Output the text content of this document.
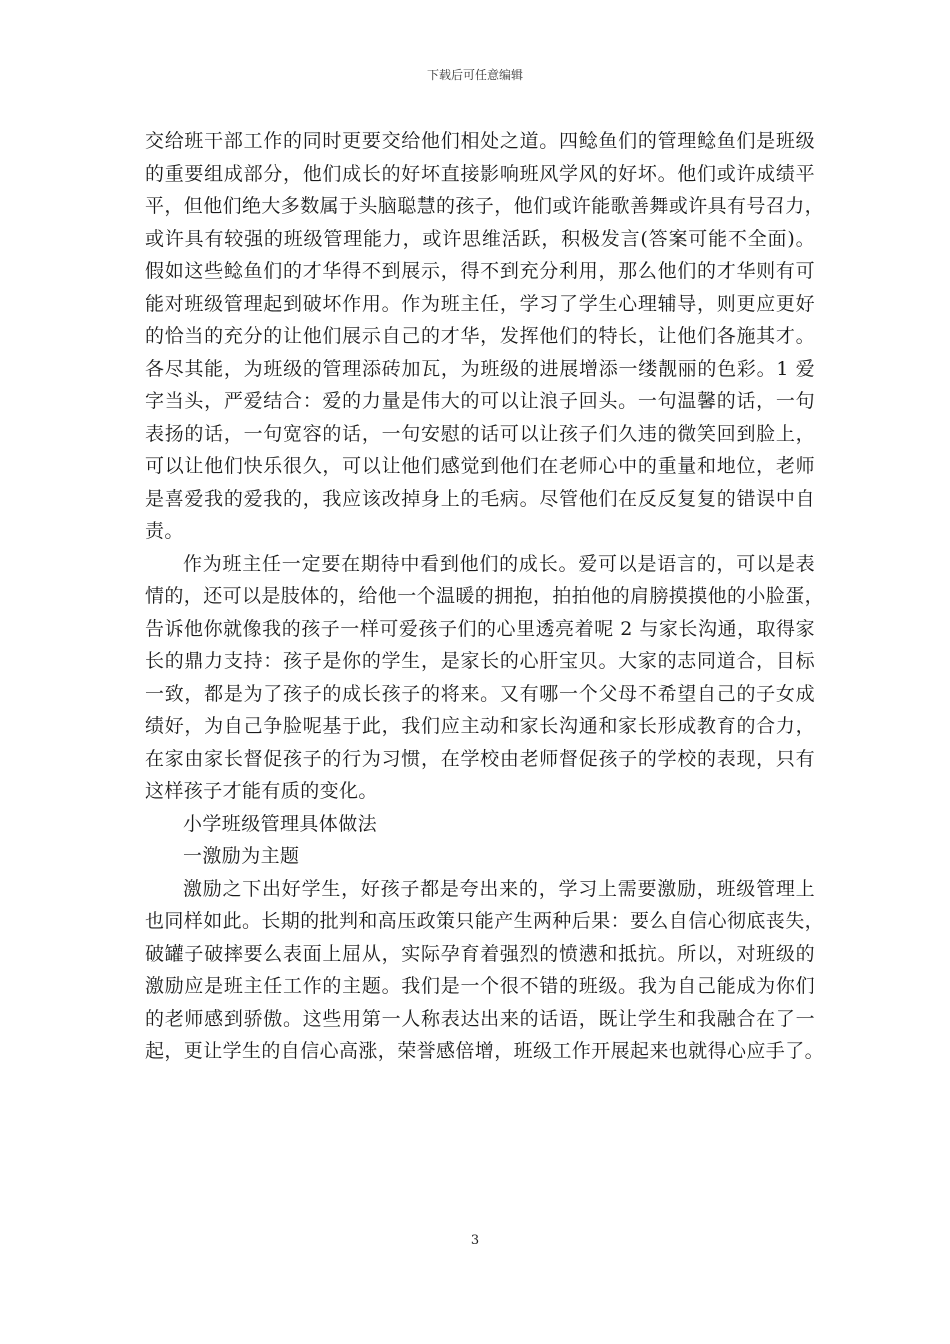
下载后可任意编辑
交给班干部工作的同时更要交给他们相处之道。四鲶鱼们的管理鲶鱼们是班级
的重要组成部分，他们成长的好坏直接影响班风学风的好坏。他们或许成绩平
平，但他们绝大多数属于头脑聪慧的孩子，他们或许能歌善舞或许具有号召力，
或许具有较强的班级管理能力，或许思维活跃，积极发言(答案可能不全面)。
假如这些鲶鱼们的才华得不到展示，得不到充分利用，那么他们的才华则有可
能对班级管理起到破坏作用。作为班主任，学习了学生心理辅导，则更应更好
的恰当的充分的让他们展示自己的才华，发挥他们的特长，让他们各施其才。
各尽其能，为班级的管理添砖加瓦，为班级的进展增添一缕靓丽的色彩。1 爱
字当头，严爱结合：爱的力量是伟大的可以让浪子回头。一句温馨的话，一句
表扬的话，一句宽容的话，一句安慰的话可以让孩子们久违的微笑回到脸上，
可以让他们快乐很久，可以让他们感觉到他们在老师心中的重量和地位，老师
是喜爱我的爱我的，我应该改掉身上的毛病。尽管他们在反反复复的错误中自
责。
作为班主任一定要在期待中看到他们的成长。爱可以是语言的，可以是表
情的，还可以是肢体的，给他一个温暖的拥抱，拍拍他的肩膀摸摸他的小脸蛋，
告诉他你就像我的孩子一样可爱孩子们的心里透亮着呢 2 与家长沟通，取得家
长的鼎力支持：孩子是你的学生，是家长的心肝宝贝。大家的志同道合，目标
一致，都是为了孩子的成长孩子的将来。又有哪一个父母不希望自己的子女成
绩好，为自己争脸呢基于此，我们应主动和家长沟通和家长形成教育的合力，
在家由家长督促孩子的行为习惯，在学校由老师督促孩子的学校的表现，只有
这样孩子才能有质的变化。
小学班级管理具体做法
一激励为主题
激励之下出好学生，好孩子都是夸出来的，学习上需要激励，班级管理上
也同样如此。长期的批判和高压政策只能产生两种后果：要么自信心彻底丧失，
破罐子破摔要么表面上屈从，实际孕育着强烈的愤懑和抵抗。所以，对班级的
激励应是班主任工作的主题。我们是一个很不错的班级。我为自己能成为你们
的老师感到骄傲。这些用第一人称表达出来的话语，既让学生和我融合在了一
起，更让学生的自信心高涨，荣誉感倍增，班级工作开展起来也就得心应手了。
3
